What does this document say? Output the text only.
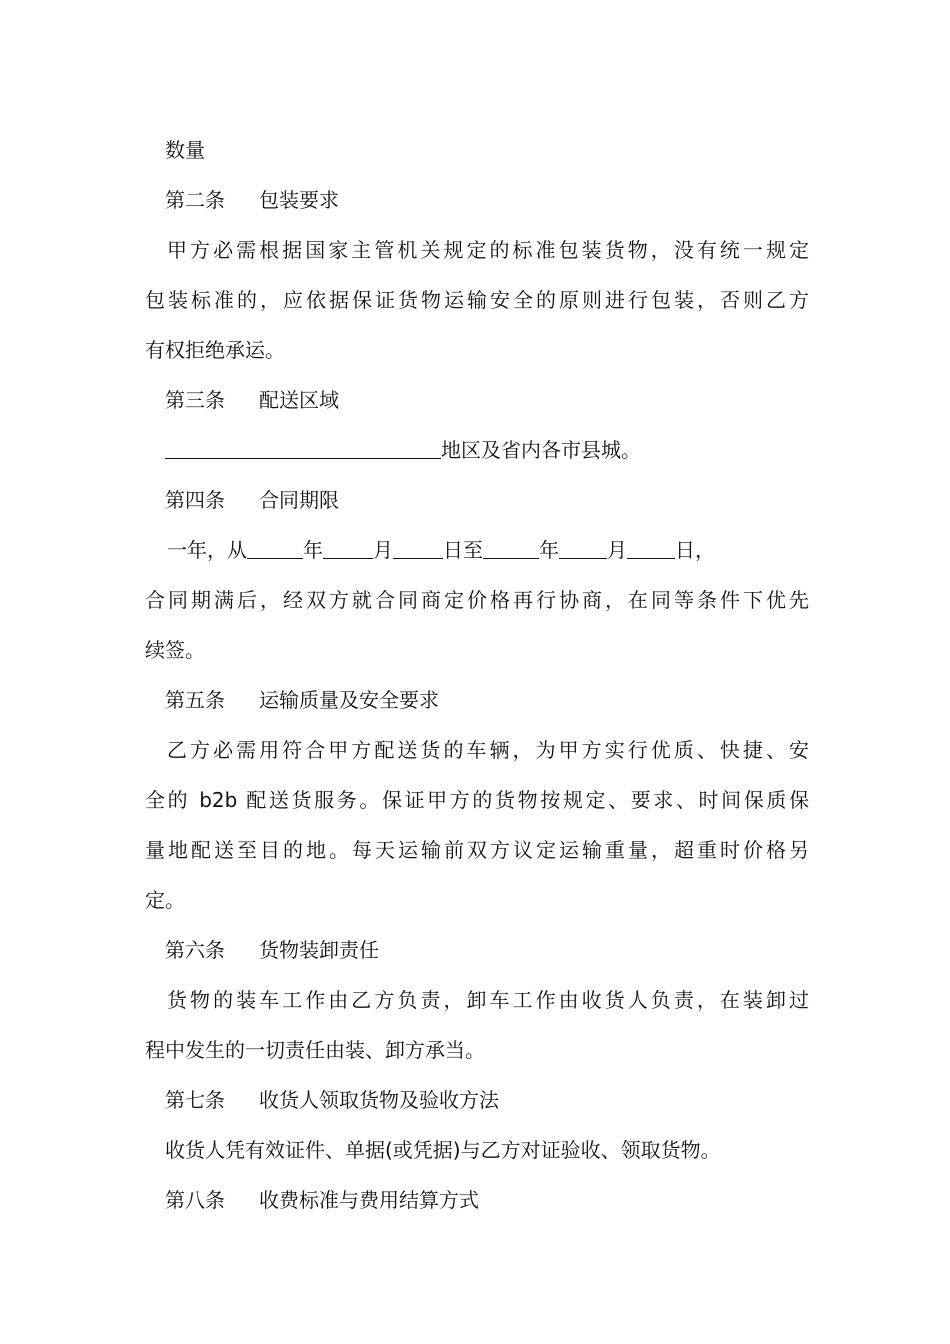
数量
第二条 包装要求
甲方必需根据国家主管机关规定的标准包装货物，没有统一规定
包装标准的，应依据保证货物运输安全的原则进行包装，否则乙方
有权拒绝承运。
第三条 配送区域
地区及省内各市县城。
第四条 合同期限
一年，从	年	月	日至	年 月 日，
合同期满后，经双方就合同商定价格再行协商，在同等条件下优先
续签。
第五条 运输质量及安全要求
乙方必需用符合甲方配送货的车辆，为甲方实行优质、快捷、安
全的 b2b 配送货服务。保证甲方的货物按规定、要求、时间保质保
量地配送至目的地。每天运输前双方议定运输重量，超重时价格另
定。
第六条 货物装卸责任
货物的装车工作由乙方负责，卸车工作由收货人负责，在装卸过
程中发生的一切责任由装、卸方承当。
第七条 收货人领取货物及验收方法
收货人凭有效证件、单据(或凭据)与乙方对证验收、领取货物。
第八条 收费标准与费用结算方式
